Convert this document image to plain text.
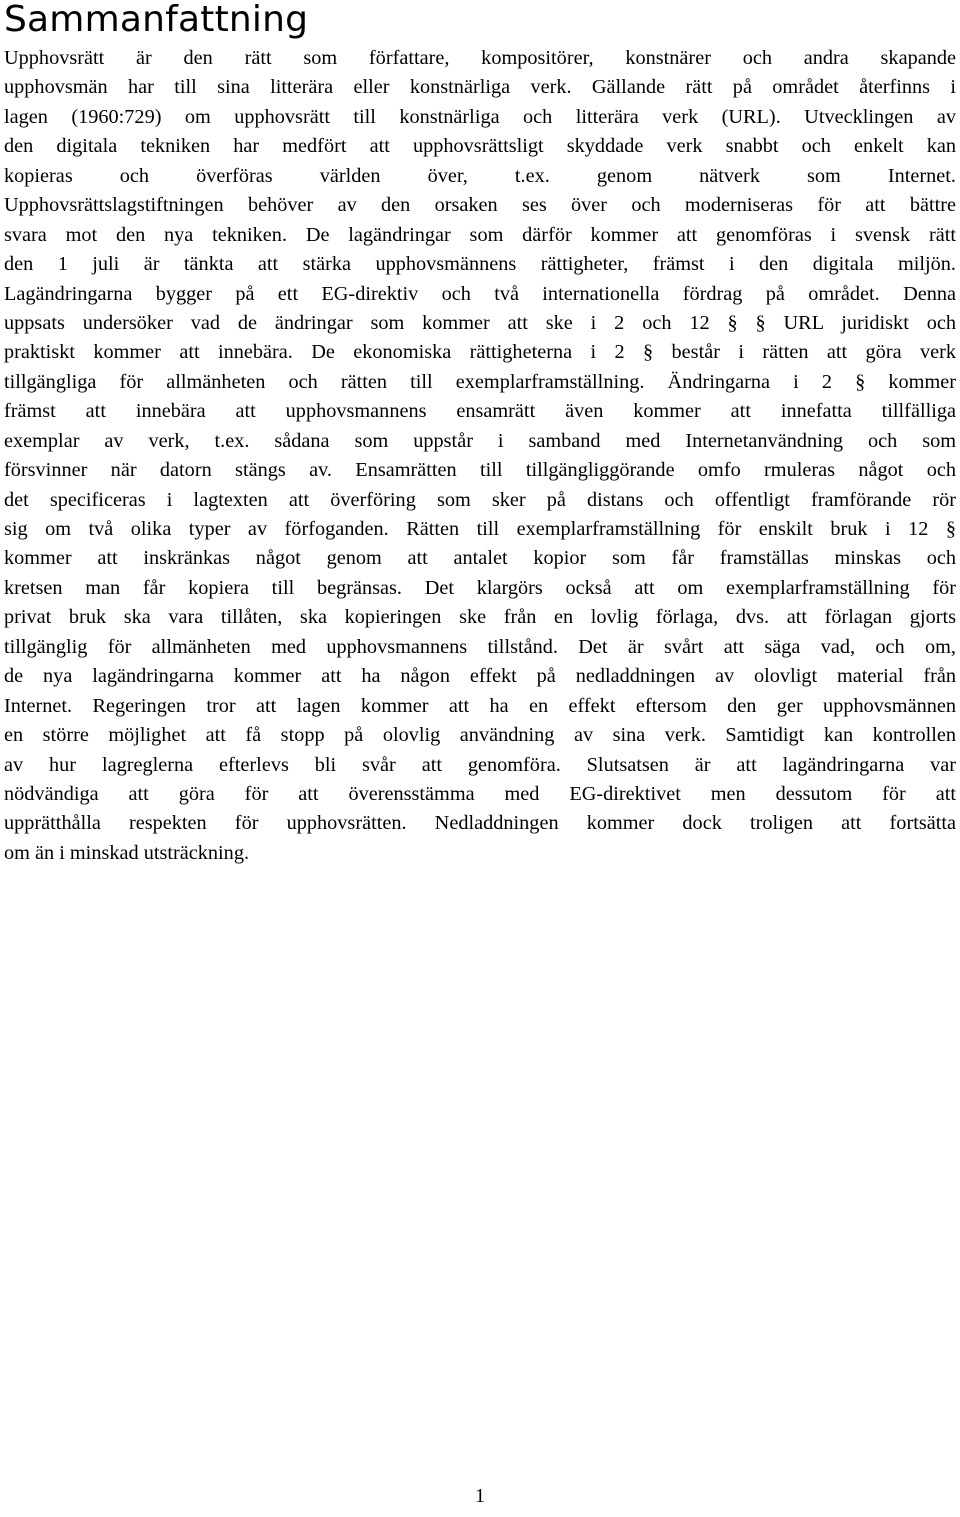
Sammanfattning
Upphovsrätt är den rätt som författare, kompositörer, konstnärer och andra skapande
upphovsmän har till sina litterära eller konstnärliga verk. Gällande rätt på området återfinns i
lagen (1960:729) om upphovsrätt till konstnärliga och litterära verk (URL). Utvecklingen av
den digitala tekniken har medfört att upphovsrättsligt skyddade verk snabbt och enkelt kan
kopieras och överföras världen över, t.ex. genom nätverk som Internet.
Upphovsrättslagstiftningen behöver av den orsaken ses över och moderniseras för att bättre
svara mot den nya tekniken. De lagändringar som därför kommer att genomföras i svensk rätt
den 1 juli är tänkta att stärka upphovsmännens rättigheter, främst i den digitala miljön.
Lagändringarna bygger på ett EG-direktiv och två internationella fördrag på området. Denna
uppsats undersöker vad de ändringar som kommer att ske i 2 och 12 § § URL juridiskt och
praktiskt kommer att innebära. De ekonomiska rättigheterna i 2 § består i rätten att göra verk
tillgängliga för allmänheten och rätten till exemplarframställning. Ändringarna i 2 § kommer
främst att innebära att upphovsmannens ensamrätt även kommer att innefatta tillfälliga
exemplar av verk, t.ex. sådana som uppstår i samband med Internetanvändning och som
försvinner när datorn stängs av. Ensamrätten till tillgängliggörande omfo rmuleras något och
det specificeras i lagtexten att överföring som sker på distans och offentligt framförande rör
sig om två olika typer av förfoganden. Rätten till exemplarframställning för enskilt bruk i 12 §
kommer att inskränkas något genom att antalet kopior som får framställas minskas och
kretsen man får kopiera till begränsas. Det klargörs också att om exemplarframställning för
privat bruk ska vara tillåten, ska kopieringen ske från en lovlig förlaga, dvs. att förlagan gjorts
tillgänglig för allmänheten med upphovsmannens tillstånd. Det är svårt att säga vad, och om,
de nya lagändringarna kommer att ha någon effekt på nedladdningen av olovligt material från
Internet. Regeringen tror att lagen kommer att ha en effekt eftersom den ger upphovsmännen
en större möjlighet att få stopp på olovlig användning av sina verk. Samtidigt kan kontrollen
av hur lagreglerna efterlevs bli svår att genomföra. Slutsatsen är att lagändringarna var
nödvändiga att göra för att överensstämma med EG-direktivet men dessutom för att
upprätthålla respekten för upphovsrätten. Nedladdningen kommer dock troligen att fortsätta
om än i minskad utsträckning.
1
